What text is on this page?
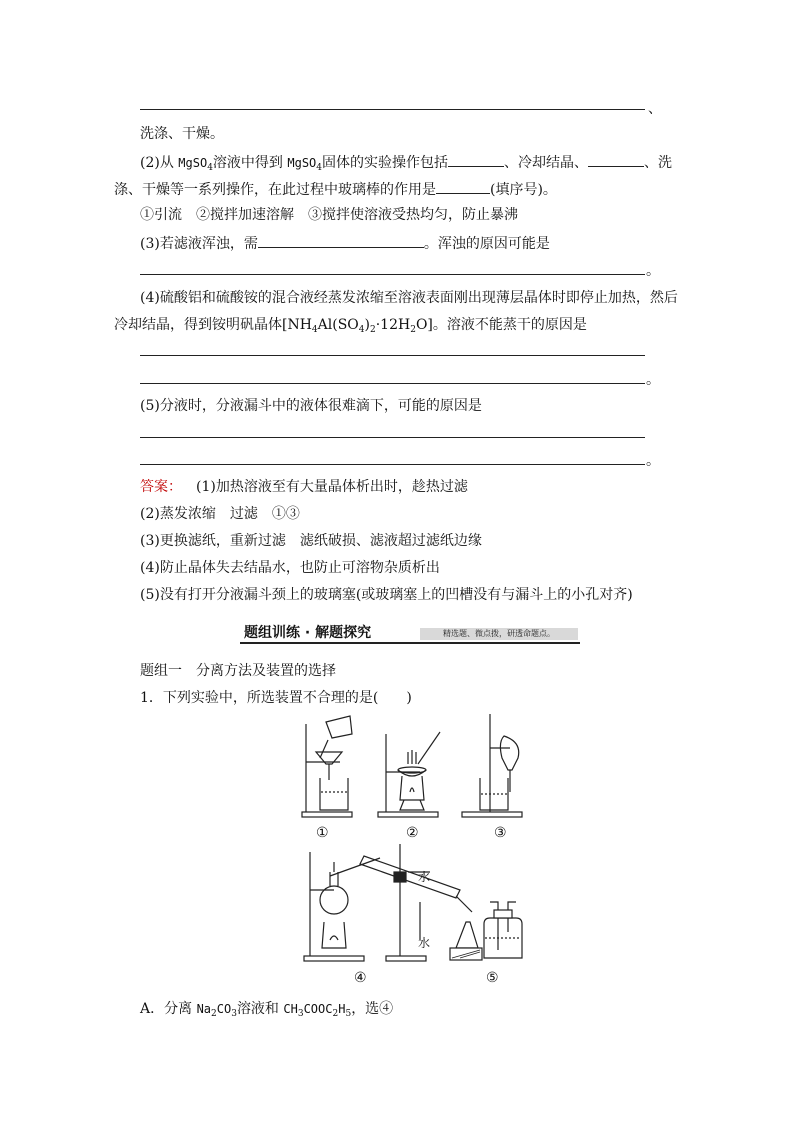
、
洗涤、干燥。
(2)从 MgSO$_4$溶液中得到 MgSO$_4$固体的实验操作包括	、冷却结晶、	、洗
涤、干燥等一系列操作，在此过程中玻璃棒的作用是	(填序号)。
①引流　②搅拌加速溶解　③搅拌使溶液受热均匀，防止暴沸
(3)若滤液浑浊，需	。浑浊的原因可能是
。
(4)硫酸铝和硫酸铵的混合液经蒸发浓缩至溶液表面刚出现薄层晶体时即停止加热，然后
冷却结晶，得到铵明矾晶体$[NH_4Al(SO_4)_2\cdot 12H_2O]$。溶液不能蒸干的原因是
。
(5)分液时，分液漏斗中的液体很难滴下，可能的原因是
。
答案： (1)加热溶液至有大量晶体析出时，趁热过滤
(2)蒸发浓缩　过滤　①③
(3)更换滤纸，重新过滤　滤纸破损、滤液超过滤纸边缘
(4)防止晶体失去结晶水，也防止可溶物杂质析出
(5)没有打开分液漏斗颈上的玻璃塞(或玻璃塞上的凹槽没有与漏斗上的小孔对齐)
题组训练 · 解题探究	精选题、微点拨，研透命题点。
题组一　分离方法及装置的选择
1．下列实验中，所选装置不合理的是(　　)
①	②	③
水
水
④	⑤
A．分离 $Na_2CO_3$溶液和 $CH_3COOC_2H_5$，选④
